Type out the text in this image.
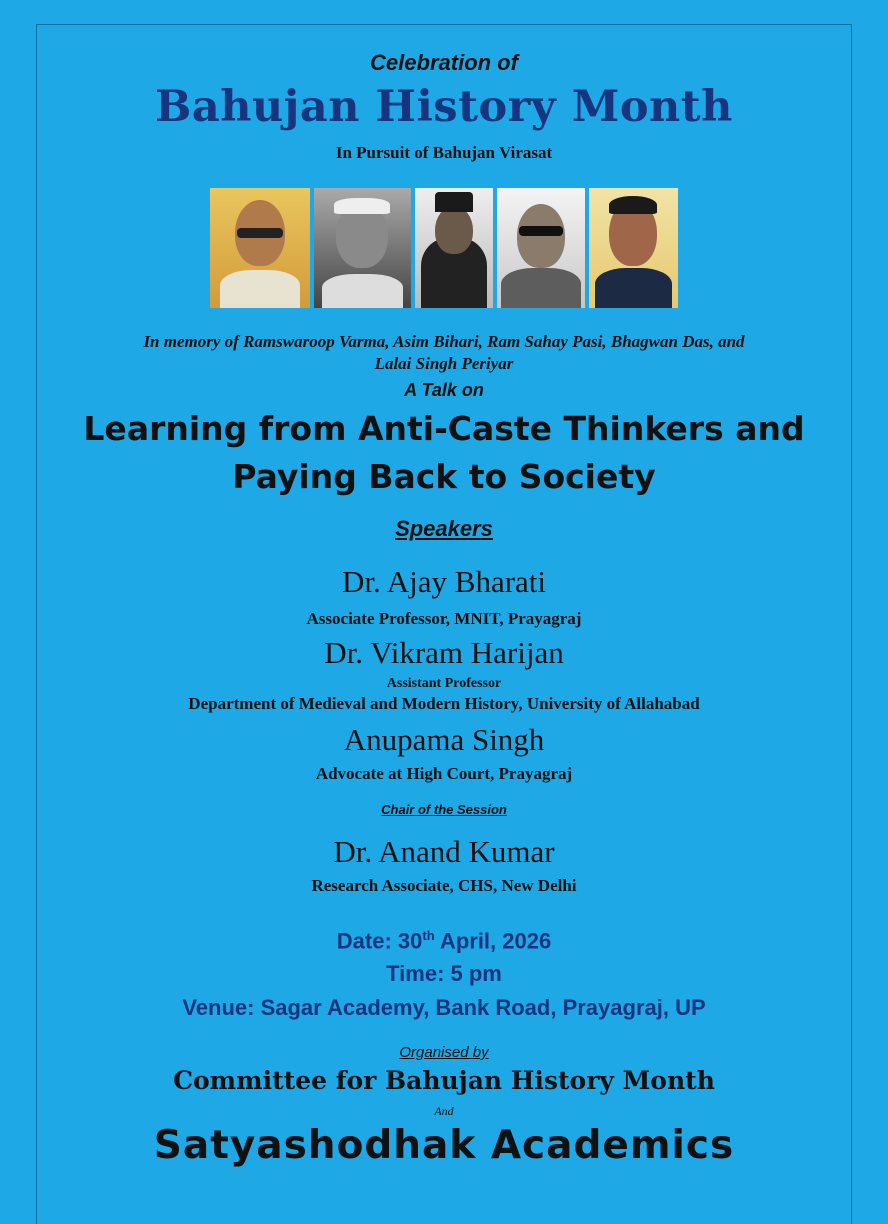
Celebration of
Bahujan History Month
In Pursuit of Bahujan Virasat
In memory of Ramswaroop Varma, Asim Bihari, Ram Sahay Pasi, Bhagwan Das, and
Lalai Singh Periyar
A Talk on
Learning from Anti-Caste Thinkers and
Paying Back to Society
Speakers
Dr. Ajay Bharati
Associate Professor, MNIT, Prayagraj
Dr. Vikram Harijan
Assistant Professor
Department of Medieval and Modern History, University of Allahabad
Anupama Singh
Advocate at High Court, Prayagraj
Chair of the Session
Dr. Anand Kumar
Research Associate, CHS, New Delhi
Date: 30th April, 2026
Time: 5 pm
Venue: Sagar Academy, Bank Road, Prayagraj, UP
Organised by
Committee for Bahujan History Month
And
Satyashodhak Academics
